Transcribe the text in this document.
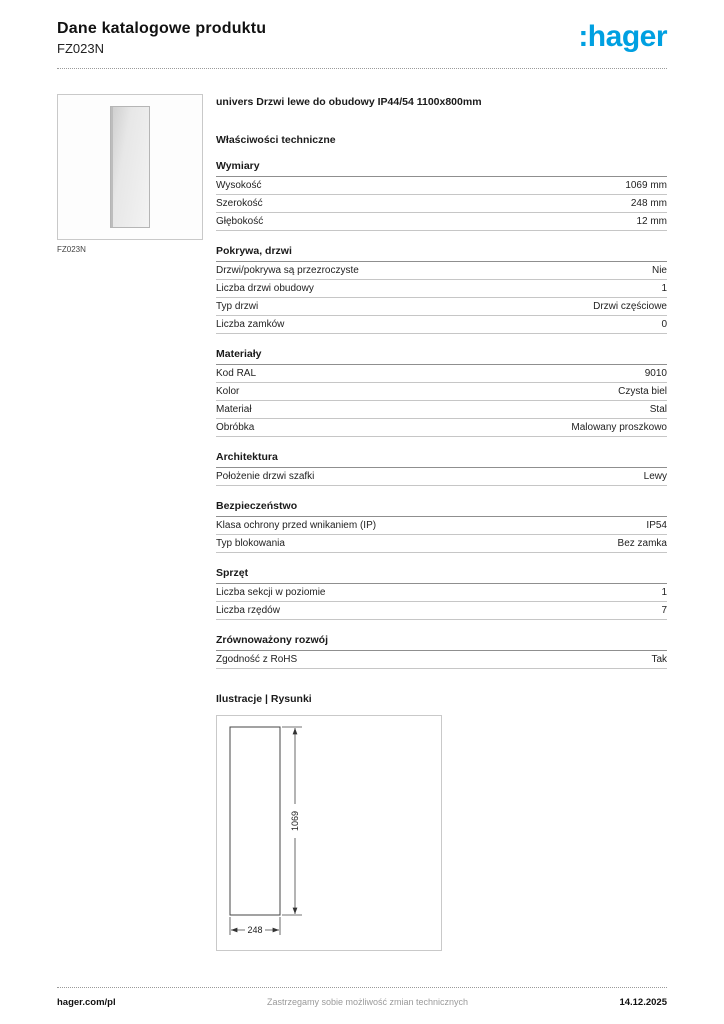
Dane katalogowe produktu
FZ023N	:hager
FZ023N
univers Drzwi lewe do obudowy IP44/54 1100x800mm
Właściwości techniczne
Wymiary
Wysokość	1069 mm
Szerokość	248 mm
Głębokość	12 mm
Pokrywa, drzwi
Drzwi/pokrywa są przezroczyste	Nie
Liczba drzwi obudowy	1
Typ drzwi	Drzwi częściowe
Liczba zamków	0
Materiały
Kod RAL	9010
Kolor	Czysta biel
Materiał	Stal
Obróbka	Malowany proszkowo
Architektura
Położenie drzwi szafki	Lewy
Bezpieczeństwo
Klasa ochrony przed wnikaniem (IP)	IP54
Typ blokowania	Bez zamka
Sprzęt
Liczba sekcji w poziomie	1
Liczba rzędów	7
Zrównoważony rozwój
Zgodność z RoHS	Tak
Ilustracje | Rysunki
1069
248
hager.com/pl	Zastrzegamy sobie możliwość zmian technicznych	14.12.2025
